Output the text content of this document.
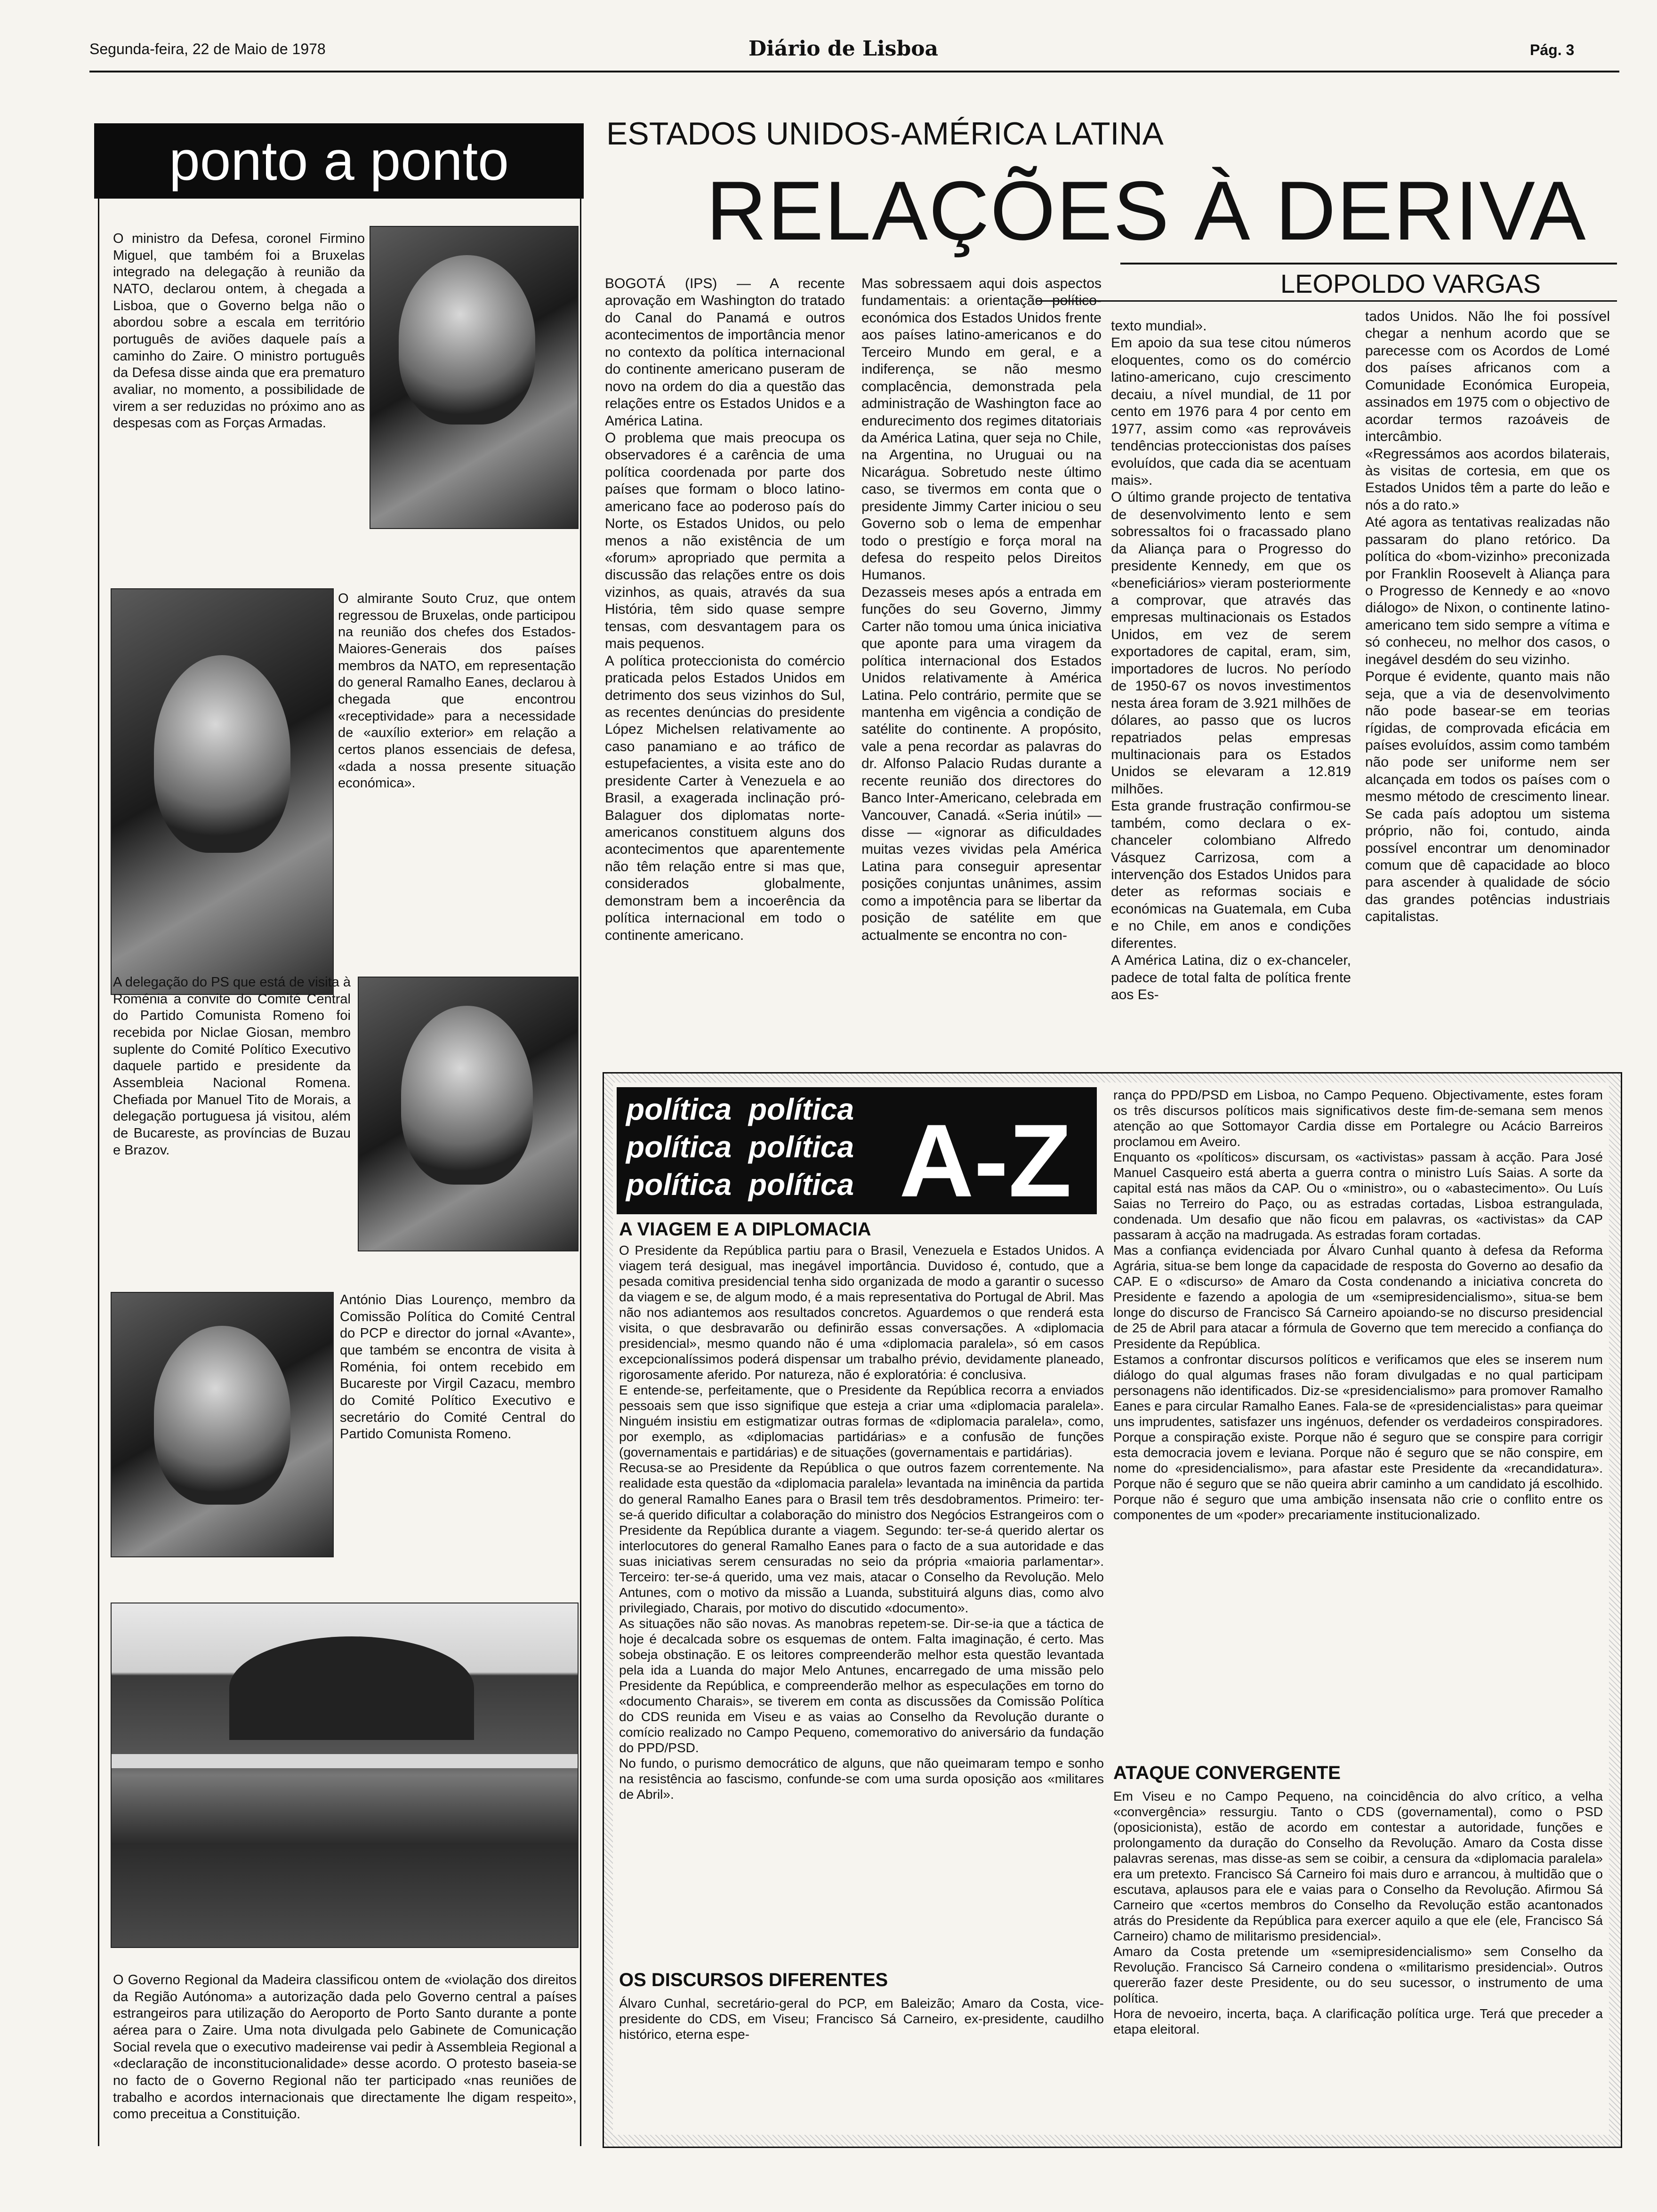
Segunda-feira, 22 de Maio de 1978	Diário de Lisboa	Pág. 3
ponto a ponto
O ministro da Defesa, coronel Firmino Miguel, que também foi a Bruxelas integrado na delegação à reunião da NATO, declarou ontem, à chegada a Lisboa, que o Governo belga não o abordou sobre a escala em território português de aviões daquele país a caminho do Zaire. O ministro português da Defesa disse ainda que era prematuro avaliar, no momento, a possibilidade de virem a ser reduzidas no próximo ano as despesas com as Forças Armadas.
O almirante Souto Cruz, que ontem regressou de Bruxelas, onde participou na reunião dos chefes dos Estados-Maiores-Generais dos países membros da NATO, em representação do general Ramalho Eanes, declarou à chegada que encontrou «receptividade» para a necessidade de «auxílio exterior» em relação a certos planos essenciais de defesa, «dada a nossa presente situação económica».
A delegação do PS que está de visita à Roménia a convite do Comité Central do Partido Comunista Romeno foi recebida por Niclae Giosan, membro suplente do Comité Político Executivo daquele partido e presidente da Assembleia Nacional Romena. Chefiada por Manuel Tito de Morais, a delegação portuguesa já visitou, além de Bucareste, as províncias de Buzau e Brazov.
António Dias Lourenço, membro da Comissão Política do Comité Central do PCP e director do jornal «Avante», que também se encontra de visita à Roménia, foi ontem recebido em Bucareste por Virgil Cazacu, membro do Comité Político Executivo e secretário do Comité Central do Partido Comunista Romeno.
O Governo Regional da Madeira classificou ontem de «violação dos direitos da Região Autónoma» a autorização dada pelo Governo central a países estrangeiros para utilização do Aeroporto de Porto Santo durante a ponte aérea para o Zaire. Uma nota divulgada pelo Gabinete de Comunicação Social revela que o executivo madeirense vai pedir à Assembleia Regional a «declaração de inconstitucionalidade» desse acordo. O protesto baseia-se no facto de o Governo Regional não ter participado «nas reuniões de trabalho e acordos internacionais que directamente lhe digam respeito», como preceitua a Constituição.
ESTADOS UNIDOS-AMÉRICA LATINA
RELAÇÕES À DERIVA
LEOPOLDO VARGAS
BOGOTÁ (IPS) — A recente aprovação em Washington do tratado do Canal do Panamá e outros acontecimentos de importância menor no contexto da política internacional do continente americano puseram de novo na ordem do dia a questão das relações entre os Estados Unidos e a América Latina.
O problema que mais preocupa os observadores é a carência de uma política coordenada por parte dos países que formam o bloco latino-americano face ao poderoso país do Norte, os Estados Unidos, ou pelo menos a não existência de um «forum» apropriado que permita a discussão das relações entre os dois vizinhos, as quais, através da sua História, têm sido quase sempre tensas, com desvantagem para os mais pequenos.
A política proteccionista do comércio praticada pelos Estados Unidos em detrimento dos seus vizinhos do Sul, as recentes denúncias do presidente López Michelsen relativamente ao caso panamiano e ao tráfico de estupefacientes, a visita este ano do presidente Carter à Venezuela e ao Brasil, a exagerada inclinação pró-Balaguer dos diplomatas norte-americanos constituem alguns dos acontecimentos que aparentemente não têm relação entre si mas que, considerados globalmente, demonstram bem a incoerência da política internacional em todo o continente americano.
Mas sobressaem aqui dois aspectos fundamentais: a orientação político-económica dos Estados Unidos frente aos países latino-americanos e do Terceiro Mundo em geral, e a indiferença, se não mesmo complacência, demonstrada pela administração de Washington face ao endurecimento dos regimes ditatoriais da América Latina, quer seja no Chile, na Argentina, no Uruguai ou na Nicarágua. Sobretudo neste último caso, se tivermos em conta que o presidente Jimmy Carter iniciou o seu Governo sob o lema de empenhar todo o prestígio e força moral na defesa do respeito pelos Direitos Humanos.
Dezasseis meses após a entrada em funções do seu Governo, Jimmy Carter não tomou uma única iniciativa que aponte para uma viragem da política internacional dos Estados Unidos relativamente à América Latina. Pelo contrário, permite que se mantenha em vigência a condição de satélite do continente. A propósito, vale a pena recordar as palavras do dr. Alfonso Palacio Rudas durante a recente reunião dos directores do Banco Inter-Americano, celebrada em Vancouver, Canadá. «Seria inútil» — disse — «ignorar as dificuldades muitas vezes vividas pela América Latina para conseguir apresentar posições conjuntas unânimes, assim como a impotência para se libertar da posição de satélite em que actualmente se encontra no con-
texto mundial».
Em apoio da sua tese citou números eloquentes, como os do comércio latino-americano, cujo crescimento decaiu, a nível mundial, de 11 por cento em 1976 para 4 por cento em 1977, assim como «as reprováveis tendências proteccionistas dos países evoluídos, que cada dia se acentuam mais».
O último grande projecto de tentativa de desenvolvimento lento e sem sobressaltos foi o fracassado plano da Aliança para o Progresso do presidente Kennedy, em que os «beneficiários» vieram posteriormente a comprovar, que através das empresas multinacionais os Estados Unidos, em vez de serem exportadores de capital, eram, sim, importadores de lucros. No período de 1950-67 os novos investimentos nesta área foram de 3.921 milhões de dólares, ao passo que os lucros repatriados pelas empresas multinacionais para os Estados Unidos se elevaram a 12.819 milhões.
Esta grande frustração confirmou-se também, como declara o ex-chanceler colombiano Alfredo Vásquez Carrizosa, com a intervenção dos Estados Unidos para deter as reformas sociais e económicas na Guatemala, em Cuba e no Chile, em anos e condições diferentes.
A América Latina, diz o ex-chanceler, padece de total falta de política frente aos Es-
tados Unidos. Não lhe foi possível chegar a nenhum acordo que se parecesse com os Acordos de Lomé dos países africanos com a Comunidade Económica Europeia, assinados em 1975 com o objectivo de acordar termos razoáveis de intercâmbio.
«Regressámos aos acordos bilaterais, às visitas de cortesia, em que os Estados Unidos têm a parte do leão e nós a do rato.»
Até agora as tentativas realizadas não passaram do plano retórico. Da política do «bom-vizinho» preconizada por Franklin Roosevelt à Aliança para o Progresso de Kennedy e ao «novo diálogo» de Nixon, o continente latino-americano tem sido sempre a vítima e só conheceu, no melhor dos casos, o inegável desdém do seu vizinho.
Porque é evidente, quanto mais não seja, que a via de desenvolvimento não pode basear-se em teorias rígidas, de comprovada eficácia em países evoluídos, assim como também não pode ser uniforme nem ser alcançada em todos os países com o mesmo método de crescimento linear. Se cada país adoptou um sistema próprio, não foi, contudo, ainda possível encontrar um denominador comum que dê capacidade ao bloco para ascender à qualidade de sócio das grandes potências industriais capitalistas.
política política
política política
política política A-Z
A VIAGEM E A DIPLOMACIA
O Presidente da República partiu para o Brasil, Venezuela e Estados Unidos. A viagem terá desigual, mas inegável importância. Duvidoso é, contudo, que a pesada comitiva presidencial tenha sido organizada de modo a garantir o sucesso da viagem e se, de algum modo, é a mais representativa do Portugal de Abril. Mas não nos adiantemos aos resultados concretos. Aguardemos o que renderá esta visita, o que desbravarão ou definirão essas conversações. A «diplomacia presidencial», mesmo quando não é uma «diplomacia paralela», só em casos excepcionalíssimos poderá dispensar um trabalho prévio, devidamente planeado, rigorosamente aferido. Por natureza, não é exploratória: é conclusiva.
E entende-se, perfeitamente, que o Presidente da República recorra a enviados pessoais sem que isso signifique que esteja a criar uma «diplomacia paralela». Ninguém insistiu em estigmatizar outras formas de «diplomacia paralela», como, por exemplo, as «diplomacias partidárias» e a confusão de funções (governamentais e partidárias) e de situações (governamentais e partidárias).
Recusa-se ao Presidente da República o que outros fazem correntemente. Na realidade esta questão da «diplomacia paralela» levantada na iminência da partida do general Ramalho Eanes para o Brasil tem três desdobramentos. Primeiro: ter-se-á querido dificultar a colaboração do ministro dos Negócios Estrangeiros com o Presidente da República durante a viagem. Segundo: ter-se-á querido alertar os interlocutores do general Ramalho Eanes para o facto de a sua autoridade e das suas iniciativas serem censuradas no seio da própria «maioria parlamentar». Terceiro: ter-se-á querido, uma vez mais, atacar o Conselho da Revolução. Melo Antunes, com o motivo da missão a Luanda, substituirá alguns dias, como alvo privilegiado, Charais, por motivo do discutido «documento».
As situações não são novas. As manobras repetem-se. Dir-se-ia que a táctica de hoje é decalcada sobre os esquemas de ontem. Falta imaginação, é certo. Mas sobeja obstinação. E os leitores compreenderão melhor esta questão levantada pela ida a Luanda do major Melo Antunes, encarregado de uma missão pelo Presidente da República, e compreenderão melhor as especulações em torno do «documento Charais», se tiverem em conta as discussões da Comissão Política do CDS reunida em Viseu e as vaias ao Conselho da Revolução durante o comício realizado no Campo Pequeno, comemorativo do aniversário da fundação do PPD/PSD.
No fundo, o purismo democrático de alguns, que não queimaram tempo e sonho na resistência ao fascismo, confunde-se com uma surda oposição aos «militares de Abril».
OS DISCURSOS DIFERENTES
Álvaro Cunhal, secretário-geral do PCP, em Baleizão; Amaro da Costa, vice-presidente do CDS, em Viseu; Francisco Sá Carneiro, ex-presidente, caudilho histórico, eterna espe-
rança do PPD/PSD em Lisboa, no Campo Pequeno. Objectivamente, estes foram os três discursos políticos mais significativos deste fim-de-semana sem menos atenção ao que Sottomayor Cardia disse em Portalegre ou Acácio Barreiros proclamou em Aveiro.
Enquanto os «políticos» discursam, os «activistas» passam à acção. Para José Manuel Casqueiro está aberta a guerra contra o ministro Luís Saias. A sorte da capital está nas mãos da CAP. Ou o «ministro», ou o «abastecimento». Ou Luís Saias no Terreiro do Paço, ou as estradas cortadas, Lisboa estrangulada, condenada. Um desafio que não ficou em palavras, os «activistas» da CAP passaram à acção na madrugada. As estradas foram cortadas.
Mas a confiança evidenciada por Álvaro Cunhal quanto à defesa da Reforma Agrária, situa-se bem longe da capacidade de resposta do Governo ao desafio da CAP. E o «discurso» de Amaro da Costa condenando a iniciativa concreta do Presidente e fazendo a apologia de um «semipresidencialismo», situa-se bem longe do discurso de Francisco Sá Carneiro apoiando-se no discurso presidencial de 25 de Abril para atacar a fórmula de Governo que tem merecido a confiança do Presidente da República.
Estamos a confrontar discursos políticos e verificamos que eles se inserem num diálogo do qual algumas frases não foram divulgadas e no qual participam personagens não identificados. Diz-se «presidencialismo» para promover Ramalho Eanes e para circular Ramalho Eanes. Fala-se de «presidencialistas» para queimar uns imprudentes, satisfazer uns ingénuos, defender os verdadeiros conspiradores. Porque a conspiração existe. Porque não é seguro que se conspire para corrigir esta democracia jovem e leviana. Porque não é seguro que se não conspire, em nome do «presidencialismo», para afastar este Presidente da «recandidatura». Porque não é seguro que se não queira abrir caminho a um candidato já escolhido. Porque não é seguro que uma ambição insensata não crie o conflito entre os componentes de um «poder» precariamente institucionalizado.
ATAQUE CONVERGENTE
Em Viseu e no Campo Pequeno, na coincidência do alvo crítico, a velha «convergência» ressurgiu. Tanto o CDS (governamental), como o PSD (oposicionista), estão de acordo em contestar a autoridade, funções e prolongamento da duração do Conselho da Revolução. Amaro da Costa disse palavras serenas, mas disse-as sem se coibir, a censura da «diplomacia paralela» era um pretexto. Francisco Sá Carneiro foi mais duro e arrancou, à multidão que o escutava, aplausos para ele e vaias para o Conselho da Revolução. Afirmou Sá Carneiro que «certos membros do Conselho da Revolução estão acantonados atrás do Presidente da República para exercer aquilo a que ele (ele, Francisco Sá Carneiro) chamo de militarismo presidencial».
Amaro da Costa pretende um «semipresidencialismo» sem Conselho da Revolução. Francisco Sá Carneiro condena o «militarismo presidencial». Outros quererão fazer deste Presidente, ou do seu sucessor, o instrumento de uma política.
Hora de nevoeiro, incerta, baça. A clarificação política urge. Terá que preceder a etapa eleitoral.
